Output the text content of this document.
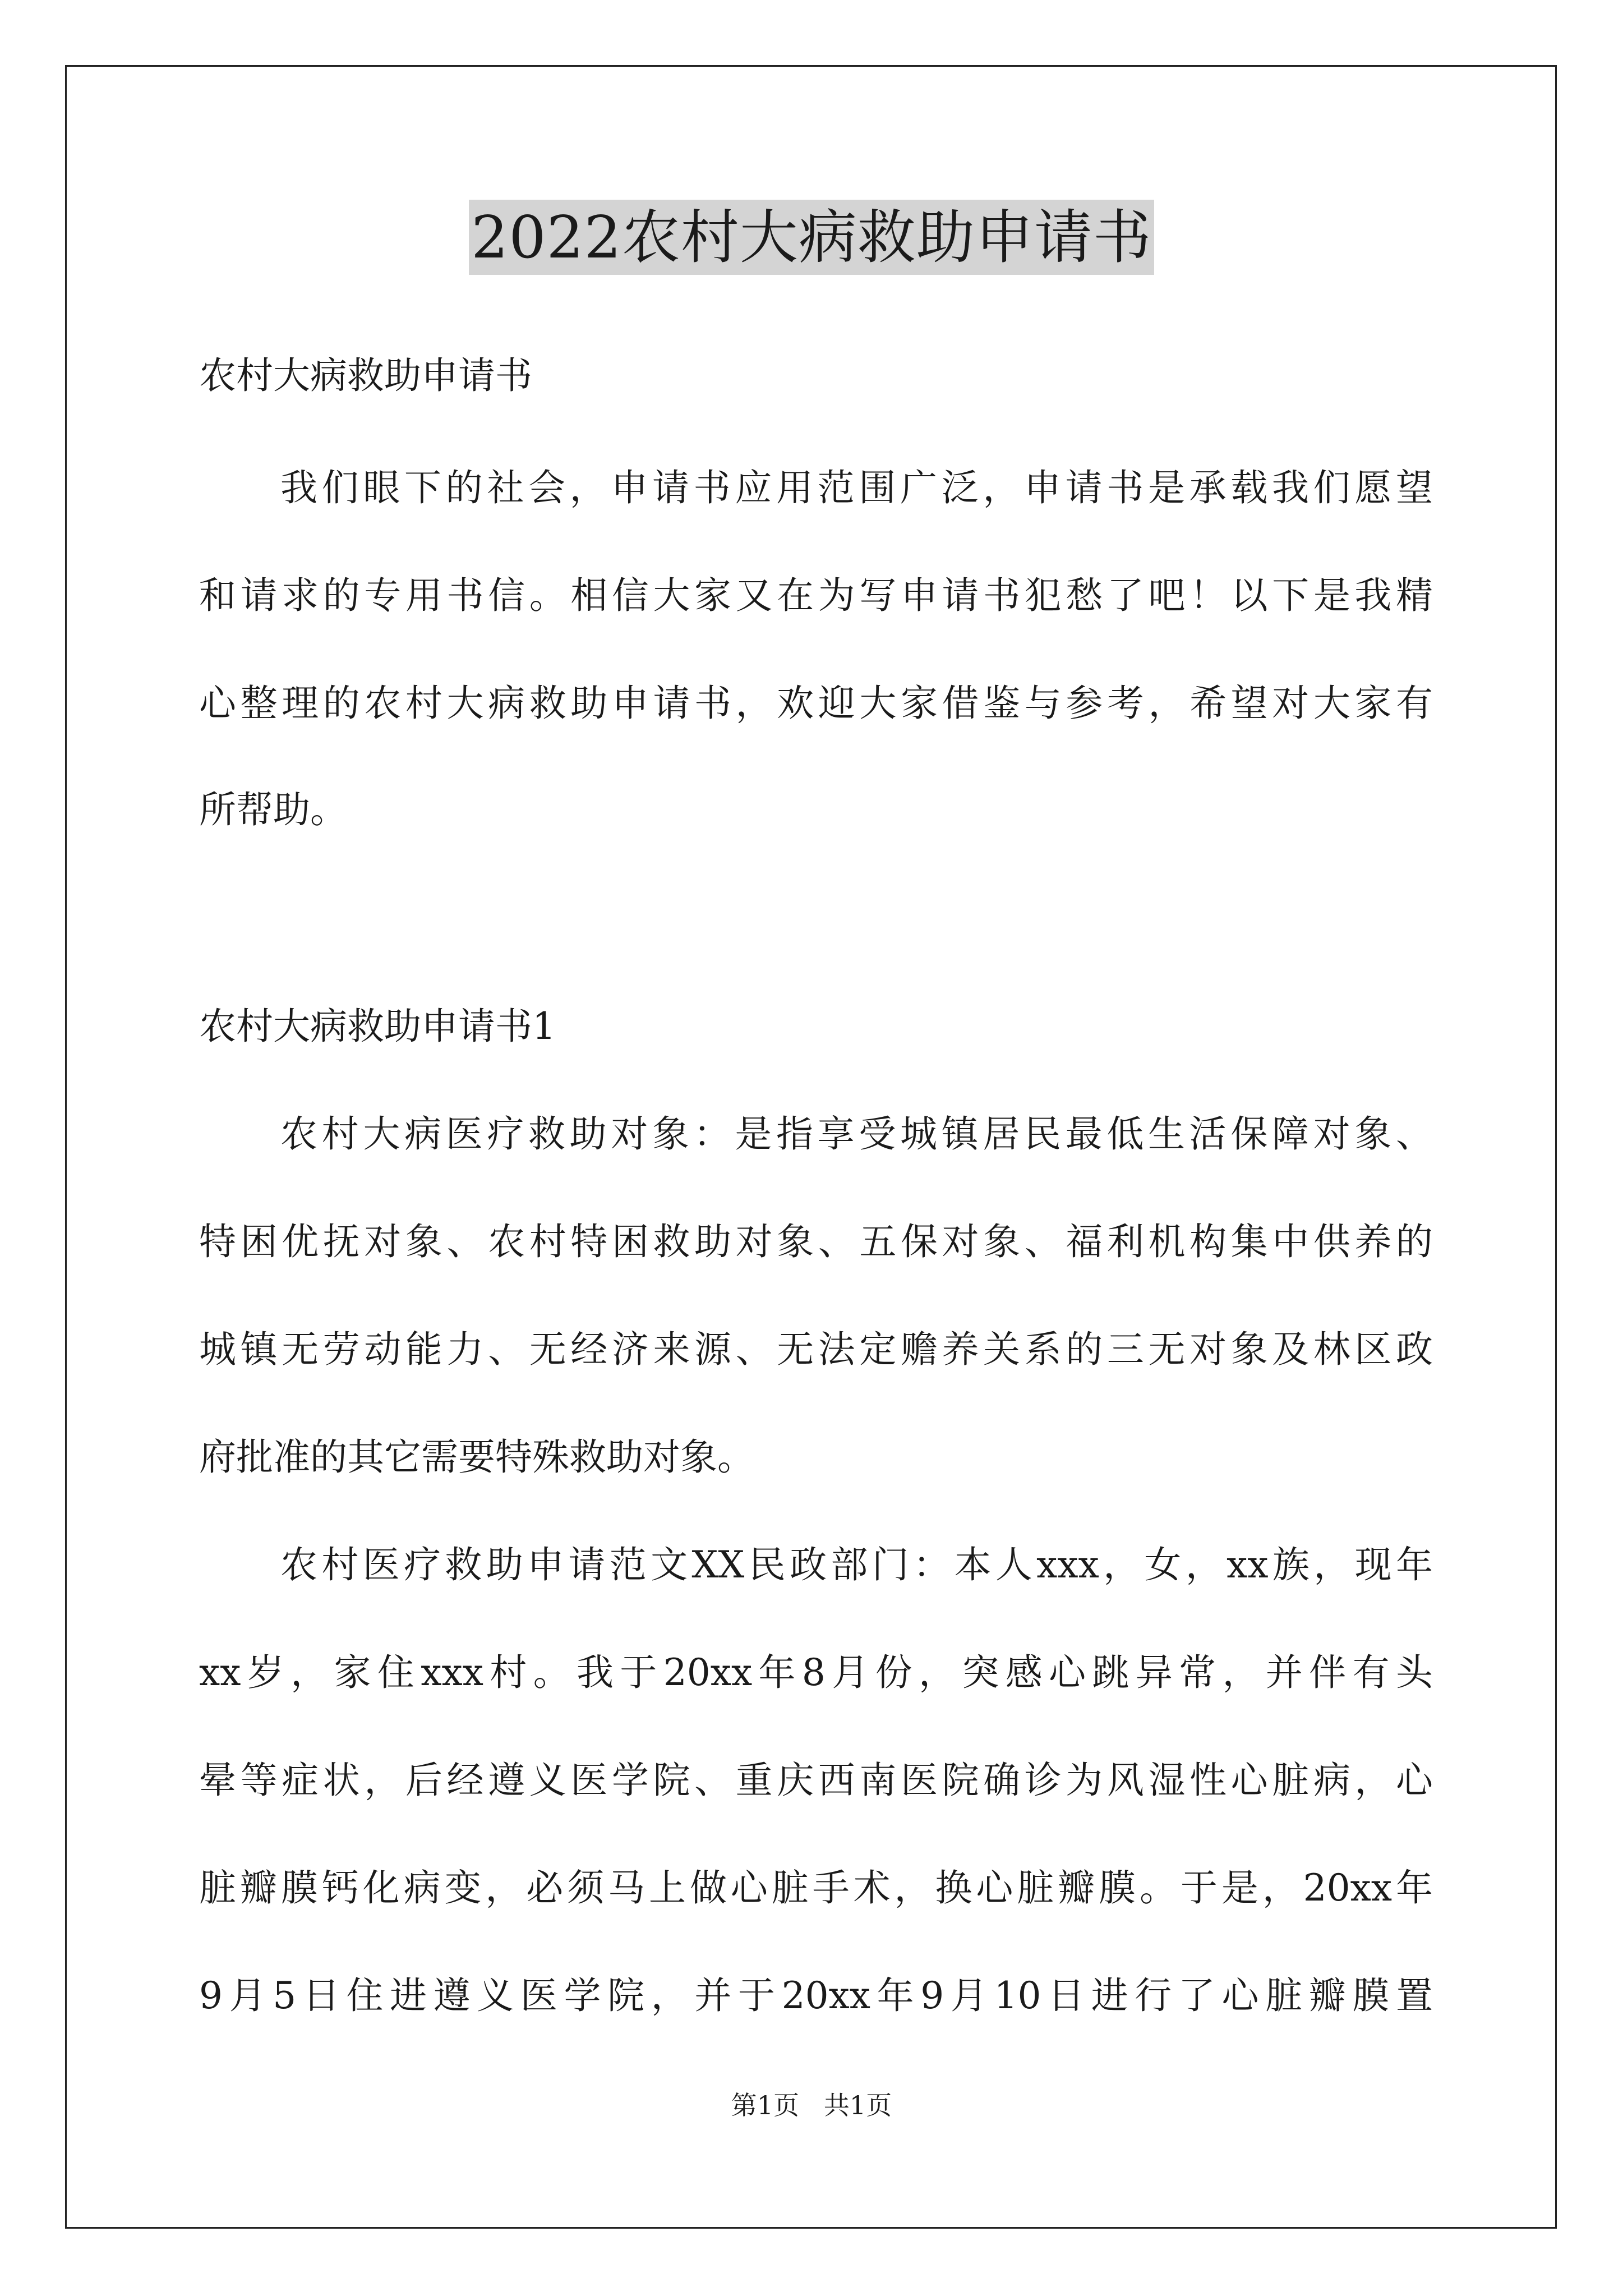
2022农村大病救助申请书
农村大病救助申请书
我们眼下的社会，申请书应用范围广泛，申请书是承载我们愿望
和请求的专用书信。相信大家又在为写申请书犯愁了吧！以下是我精
心整理的农村大病救助申请书，欢迎大家借鉴与参考，希望对大家有
所帮助。
农村大病救助申请书1
农村大病医疗救助对象：是指享受城镇居民最低生活保障对象、
特困优抚对象、农村特困救助对象、五保对象、福利机构集中供养的
城镇无劳动能力、无经济来源、无法定赡养关系的三无对象及林区政
府批准的其它需要特殊救助对象。
农村医疗救助申请范文XX民政部门：本人xxx，女，xx族，现年
xx岁，家住xxx村。我于20xx年8月份，突感心跳异常，并伴有头
晕等症状，后经遵义医学院、重庆西南医院确诊为风湿性心脏病，心
脏瓣膜钙化病变，必须马上做心脏手术，换心脏瓣膜。于是，20xx年
9月5日住进遵义医学院，并于20xx年9月10日进行了心脏瓣膜置
第1页   共1页
